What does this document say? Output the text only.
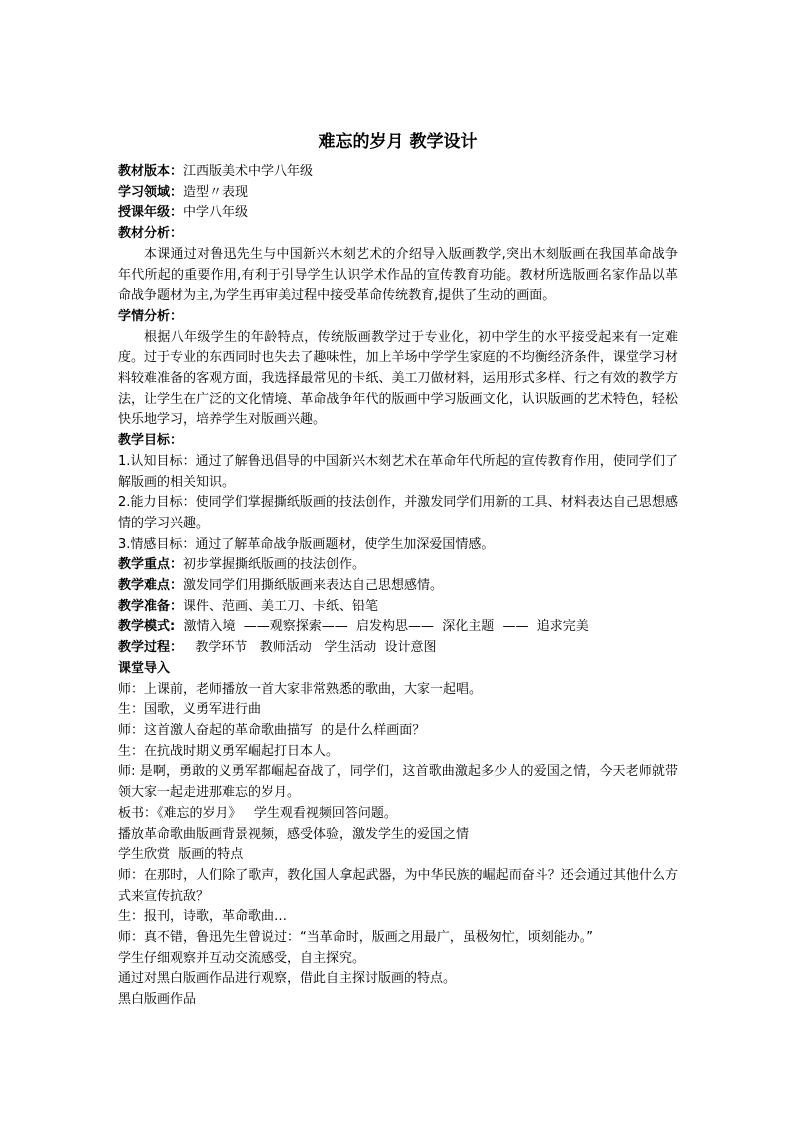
难忘的岁月 教学设计
教材版本：江西版美术中学八年级
学习领域：造型〃表现
授课年级：中学八年级
教材分析：
本课通过对鲁迅先生与中国新兴木刻艺术的介绍导入版画教学,突出木刻版画在我国革命战争年代所起的重要作用,有利于引导学生认识学术作品的宣传教育功能。教材所选版画名家作品以革命战争题材为主,为学生再审美过程中接受革命传统教育,提供了生动的画面。
学情分析：
根据八年级学生的年龄特点，传统版画教学过于专业化，初中学生的水平接受起来有一定难度。过于专业的东西同时也失去了趣味性，加上羊场中学学生家庭的不均衡经济条件，课堂学习材料较难准备的客观方面，我选择最常见的卡纸、美工刀做材料，运用形式多样、行之有效的教学方法，让学生在广泛的文化情境、革命战争年代的版画中学习版画文化，认识版画的艺术特色，轻松快乐地学习，培养学生对版画兴趣。
教学目标：
1.认知目标：通过了解鲁迅倡导的中国新兴木刻艺术在革命年代所起的宣传教育作用，使同学们了解版画的相关知识。
2.能力目标：使同学们掌握撕纸版画的技法创作，并激发同学们用新的工具、材料表达自己思想感情的学习兴趣。
3.情感目标：通过了解革命战争版画题材，使学生加深爱国情感。
教学重点：初步掌握撕纸版画的技法创作。
教学难点：激发同学们用撕纸版画来表达自己思想感情。
教学准备：课件、范画、美工刀、卡纸、铅笔
教学模式:  激情入境  ——观察探索——  启发构思——  深化主题  ——  追求完美
教学过程：   教学环节   教师活动   学生活动  设计意图
课堂导入
师：上课前，老师播放一首大家非常熟悉的歌曲，大家一起唱。
生：国歌，义勇军进行曲
师：这首激人奋起的革命歌曲描写  的是什么样画面？
生：在抗战时期义勇军崛起打日本人。
师: 是啊，勇敢的义勇军都崛起奋战了，同学们，这首歌曲激起多少人的爱国之情，今天老师就带领大家一起走进那难忘的岁月。
板书：《难忘的岁月》   学生观看视频回答问题。
播放革命歌曲版画背景视频，感受体验，激发学生的爱国之情
学生欣赏  版画的特点
师：在那时，人们除了歌声，教化国人拿起武器，为中华民族的崛起而奋斗？还会通过其他什么方式来宣传抗敌？
生：报刊，诗歌，革命歌曲…
师：真不错，鲁迅先生曾说过：“当革命时，版画之用最广，虽极匆忙，顷刻能办。”
学生仔细观察并互动交流感受，自主探究。
通过对黑白版画作品进行观察，借此自主探讨版画的特点。
黑白版画作品
